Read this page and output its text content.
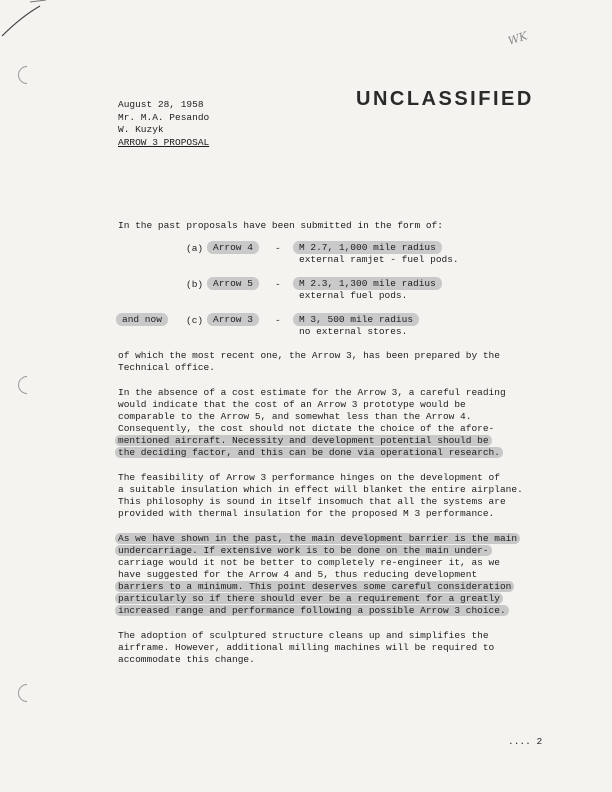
WK
UNCLASSIFIED
August 28, 1958
Mr. M.A. Pesando
W. Kuzyk
ARROW 3 PROPOSAL
In the past proposals have been submitted in the form of:
(a)	Arrow 4	-	M 2.7, 1,000 mile radius
external ramjet - fuel pods.
(b)	Arrow 5	-	M 2.3, 1,300 mile radius
external fuel pods.
and now	(c)	Arrow 3	-	M 3, 500 mile radius
no external stores.
of which the most recent one, the Arrow 3, has been prepared by the
Technical office.
In the absence of a cost estimate for the Arrow 3, a careful reading
would indicate that the cost of an Arrow 3 prototype would be
comparable to the Arrow 5, and somewhat less than the Arrow 4.
Consequently, the cost should not dictate the choice of the afore-
mentioned aircraft. Necessity and development potential should be
the deciding factor, and this can be done via operational research.
The feasibility of Arrow 3 performance hinges on the development of
a suitable insulation which in effect will blanket the entire airplane.
This philosophy is sound in itself insomuch that all the systems are
provided with thermal insulation for the proposed M 3 performance.
As we have shown in the past, the main development barrier is the main
undercarriage. If extensive work is to be done on the main under-
carriage would it not be better to completely re-engineer it, as we
have suggested for the Arrow 4 and 5, thus reducing development
barriers to a minimum. This point deserves some careful consideration
particularly so if there should ever be a requirement for a greatly
increased range and performance following a possible Arrow 3 choice.
The adoption of sculptured structure cleans up and simplifies the
airframe. However, additional milling machines will be required to
accommodate this change.
.... 2
